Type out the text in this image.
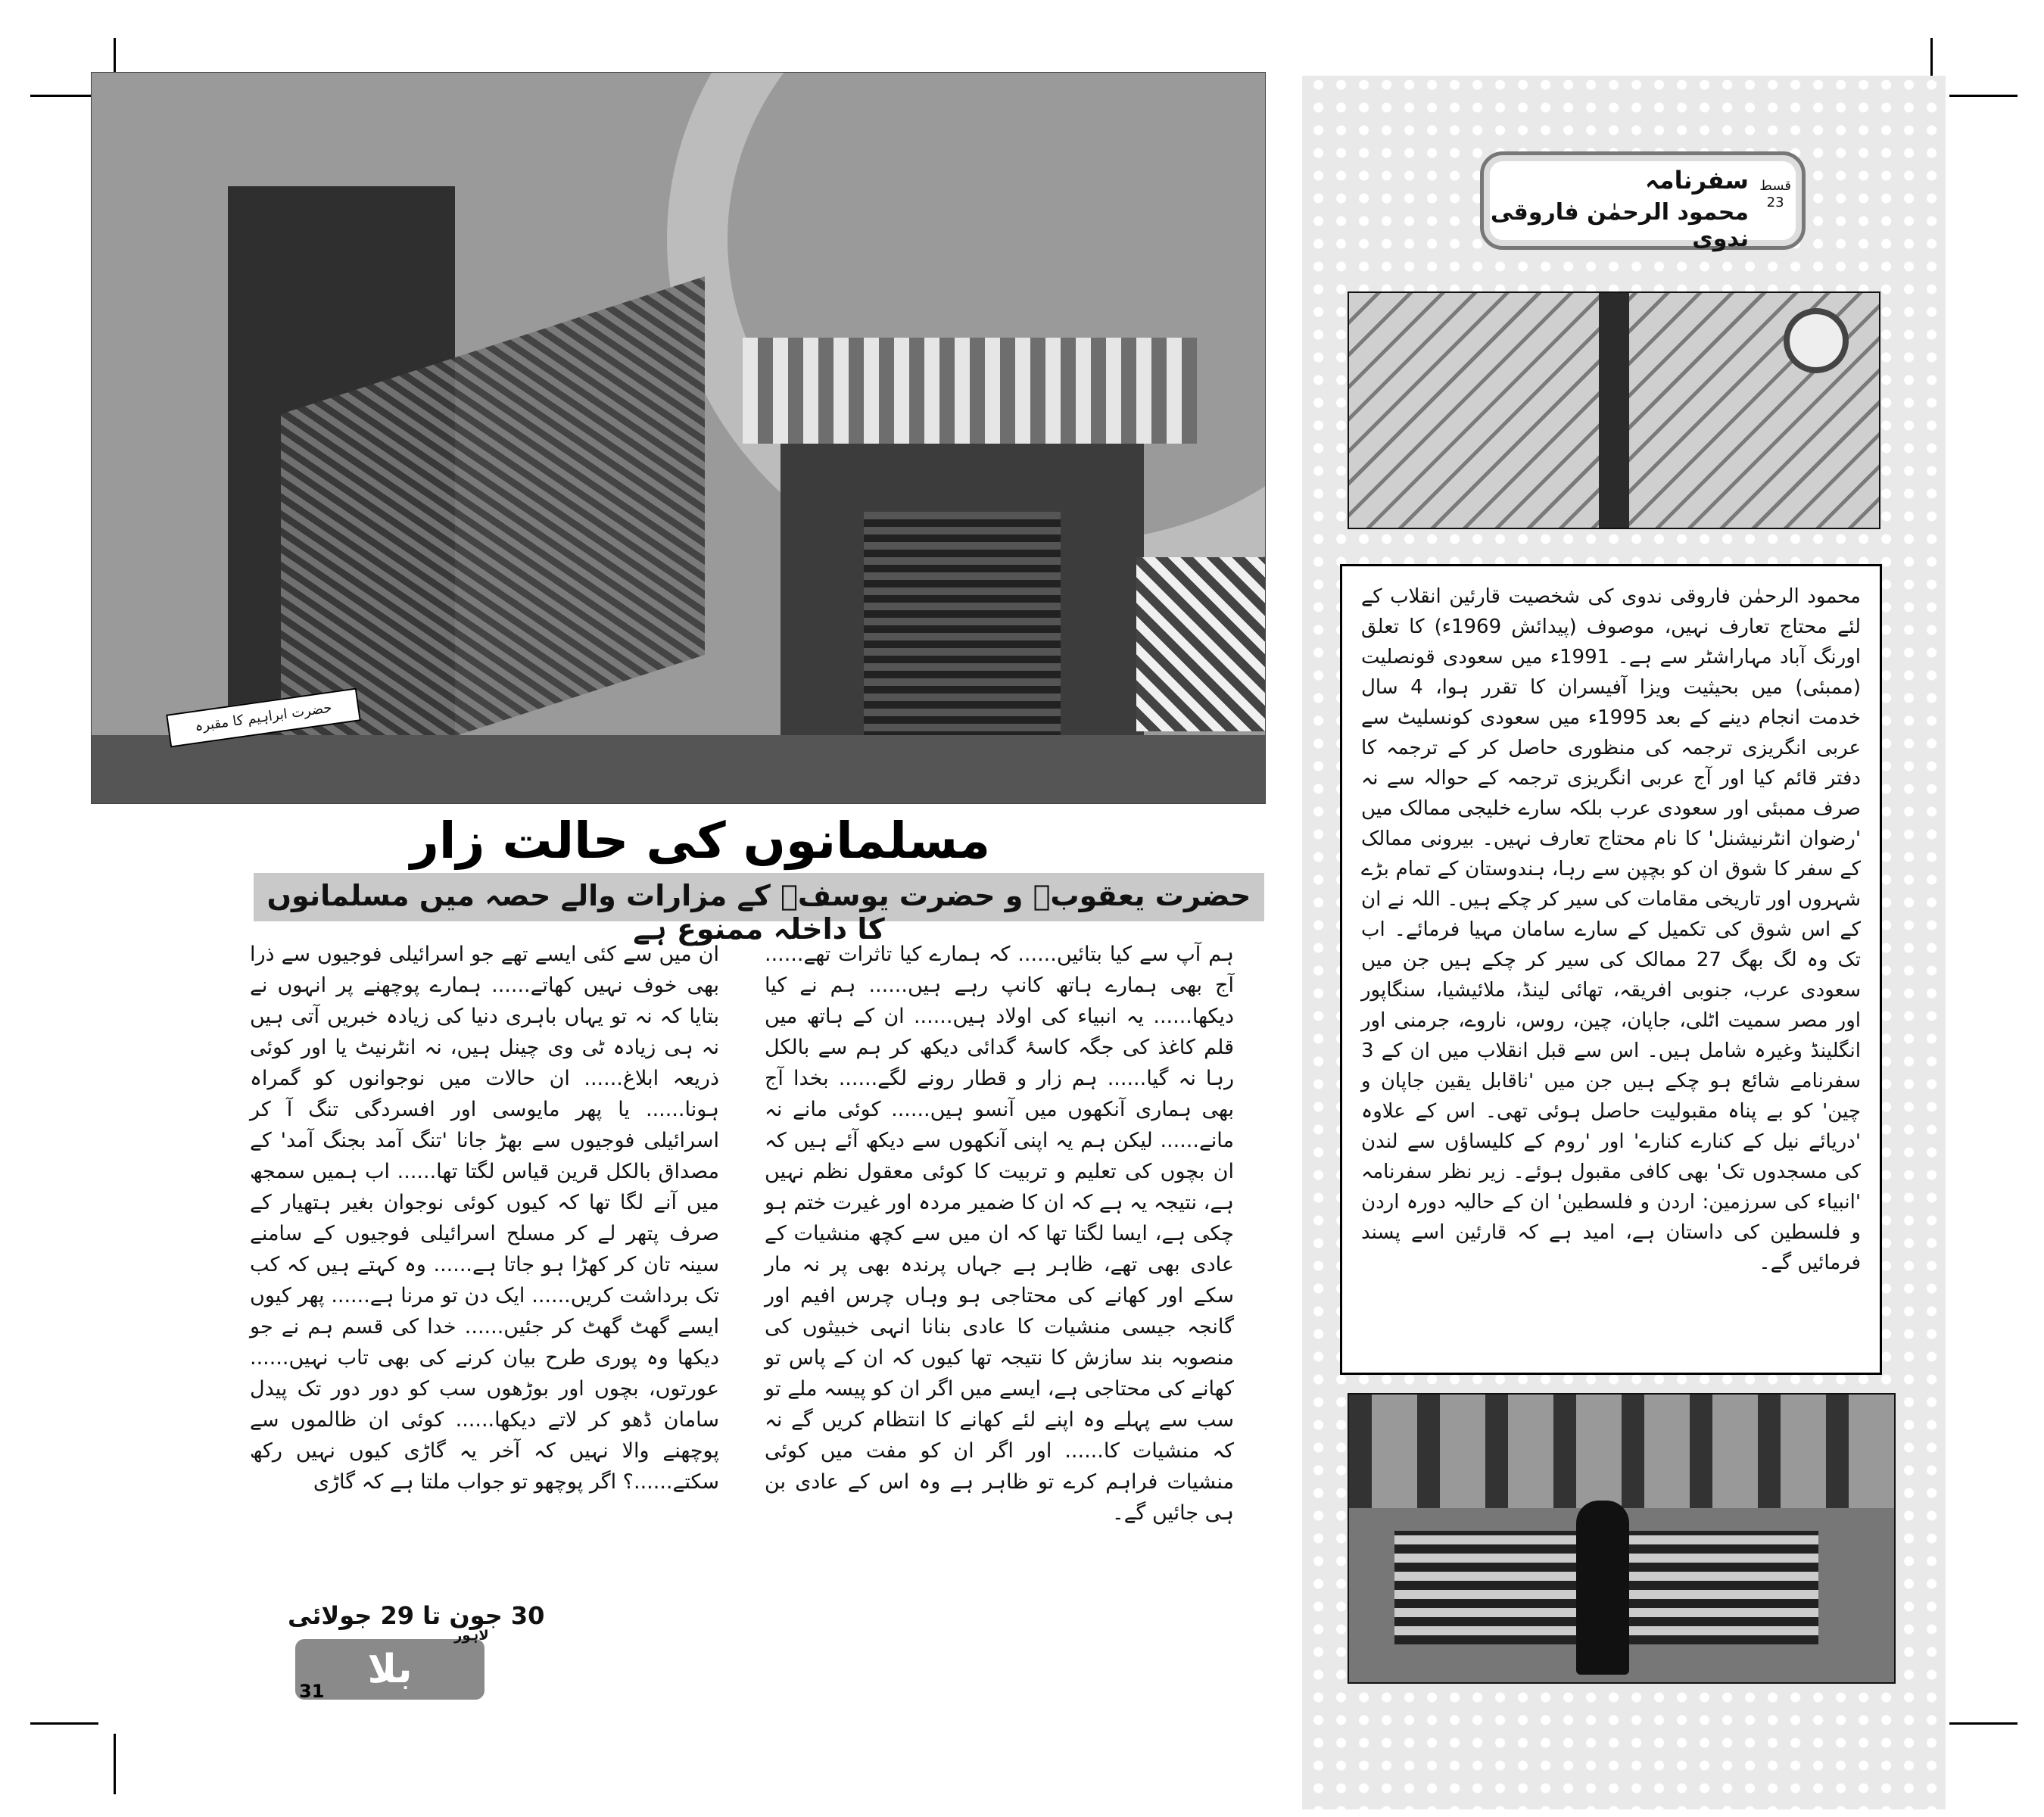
حضرت ابراہیم کا مقبرہ
سفرنامہ
محمود الرحمٰن فاروقی ندوی
قسط
23
محمود الرحمٰن فاروقی ندوی کی شخصیت قارئین انقلاب کے لئے محتاج تعارف نہیں، موصوف (پیدائش 1969ء) کا تعلق اورنگ آباد مہاراشٹر سے ہے۔ 1991ء میں سعودی قونصلیت (ممبئی) میں بحیثیت ویزا آفیسران کا تقرر ہوا، 4 سال خدمت انجام دینے کے بعد 1995ء میں سعودی کونسلیٹ سے عربی انگریزی ترجمہ کی منظوری حاصل کر کے ترجمہ کا دفتر قائم کیا اور آج عربی انگریزی ترجمہ کے حوالہ سے نہ صرف ممبئی اور سعودی عرب بلکہ سارے خلیجی ممالک میں 'رضوان انٹرنیشنل' کا نام محتاج تعارف نہیں۔ بیرونی ممالک کے سفر کا شوق ان کو بچپن سے رہا، ہندوستان کے تمام بڑے شہروں اور تاریخی مقامات کی سیر کر چکے ہیں۔ اللہ نے ان کے اس شوق کی تکمیل کے سارے سامان مہیا فرمائے۔ اب تک وہ لگ بھگ 27 ممالک کی سیر کر چکے ہیں جن میں سعودی عرب، جنوبی افریقہ، تھائی لینڈ، ملائیشیا، سنگاپور اور مصر سمیت اٹلی، جاپان، چین، روس، ناروے، جرمنی اور انگلینڈ وغیرہ شامل ہیں۔ اس سے قبل انقلاب میں ان کے 3 سفرنامے شائع ہو چکے ہیں جن میں 'ناقابل یقین جاپان و چین' کو بے پناہ مقبولیت حاصل ہوئی تھی۔ اس کے علاوہ 'دریائے نیل کے کنارے کنارے' اور 'روم کے کلیساؤں سے لندن کی مسجدوں تک' بھی کافی مقبول ہوئے۔ زیر نظر سفرنامہ 'انبیاء کی سرزمین: اردن و فلسطین' ان کے حالیہ دورہ اردن و فلسطین کی داستان ہے، امید ہے کہ قارئین اسے پسند فرمائیں گے۔
مسلمانوں کی حالت زار
حضرت یعقوبؑ و حضرت یوسفؑ کے مزارات والے حصہ میں مسلمانوں کا داخلہ ممنوع ہے
ہم آپ سے کیا بتائیں...... کہ ہمارے کیا تاثرات تھے...... آج بھی ہمارے ہاتھ کانپ رہے ہیں...... ہم نے کیا دیکھا...... یہ انبیاء کی اولاد ہیں...... ان کے ہاتھ میں قلم کاغذ کی جگہ کاسۂ گدائی دیکھ کر ہم سے بالکل رہا نہ گیا...... ہم زار و قطار رونے لگے...... بخدا آج بھی ہماری آنکھوں میں آنسو ہیں...... کوئی مانے نہ مانے...... لیکن ہم یہ اپنی آنکھوں سے دیکھ آئے ہیں کہ ان بچوں کی تعلیم و تربیت کا کوئی معقول نظم نہیں ہے، نتیجہ یہ ہے کہ ان کا ضمیر مردہ اور غیرت ختم ہو چکی ہے، ایسا لگتا تھا کہ ان میں سے کچھ منشیات کے عادی بھی تھے، ظاہر ہے جہاں پرندہ بھی پر نہ مار سکے اور کھانے کی محتاجی ہو وہاں چرس افیم اور گانجہ جیسی منشیات کا عادی بنانا انہی خبیثوں کی منصوبہ بند سازش کا نتیجہ تھا کیوں کہ ان کے پاس تو کھانے کی محتاجی ہے، ایسے میں اگر ان کو پیسہ ملے تو سب سے پہلے وہ اپنے لئے کھانے کا انتظام کریں گے نہ کہ منشیات کا...... اور اگر ان کو مفت میں کوئی منشیات فراہم کرے تو ظاہر ہے وہ اس کے عادی بن ہی جائیں گے۔
ان میں سے کئی ایسے تھے جو اسرائیلی فوجیوں سے ذرا بھی خوف نہیں کھاتے...... ہمارے پوچھنے پر انہوں نے بتایا کہ نہ تو یہاں باہری دنیا کی زیادہ خبریں آتی ہیں نہ ہی زیادہ ٹی وی چینل ہیں، نہ انٹرنیٹ یا اور کوئی ذریعہ ابلاغ...... ان حالات میں نوجوانوں کو گمراہ ہونا...... یا پھر مایوسی اور افسردگی تنگ آ کر اسرائیلی فوجیوں سے بھڑ جانا 'تنگ آمد بجنگ آمد' کے مصداق بالکل قرین قیاس لگتا تھا...... اب ہمیں سمجھ میں آنے لگا تھا کہ کیوں کوئی نوجوان بغیر ہتھیار کے صرف پتھر لے کر مسلح اسرائیلی فوجیوں کے سامنے سینہ تان کر کھڑا ہو جاتا ہے...... وہ کہتے ہیں کہ کب تک برداشت کریں...... ایک دن تو مرنا ہے...... پھر کیوں ایسے گھٹ گھٹ کر جئیں...... خدا کی قسم ہم نے جو دیکھا وہ پوری طرح بیان کرنے کی بھی تاب نہیں...... عورتوں، بچوں اور بوڑھوں سب کو دور دور تک پیدل سامان ڈھو کر لاتے دیکھا...... کوئی ان ظالموں سے پوچھنے والا نہیں کہ آخر یہ گاڑی کیوں نہیں رکھ سکتے......؟ اگر پوچھو تو جواب ملتا ہے کہ گاڑی
30 جون تا 29 جولائی
بلا واسطہ
لاہور
31
